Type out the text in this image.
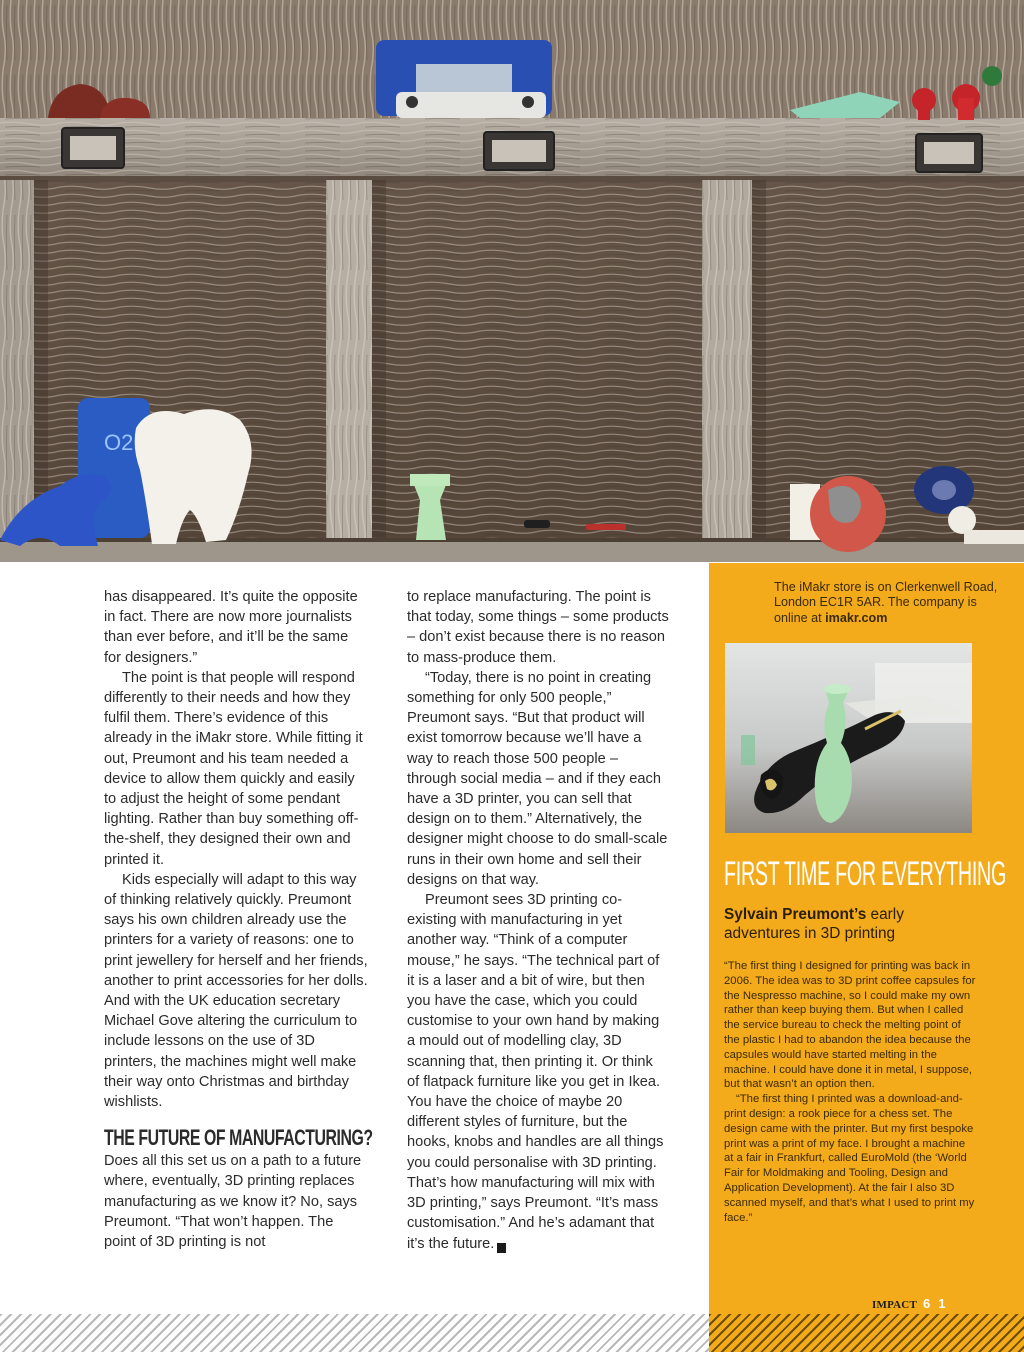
O2

has disappeared. It’s quite the opposite in fact. There are now more journalists than ever before, and it’ll be the same for designers.”

The point is that people will respond differently to their needs and how they fulfil them. There’s evidence of this already in the iMakr store. While fitting it out, Preumont and his team needed a device to allow them quickly and easily to adjust the height of some pendant lighting. Rather than buy something off-the-shelf, they designed their own and printed it.

Kids especially will adapt to this way of thinking relatively quickly. Preumont says his own children already use the printers for a variety of reasons: one to print jewellery for herself and her friends, another to print accessories for her dolls. And with the UK education secretary Michael Gove altering the curriculum to include lessons on the use of 3D printers, the machines might well make their way onto Christmas and birthday wishlists.

THE FUTURE OF MANUFACTURING?

Does all this set us on a path to a future where, eventually, 3D printing replaces manufacturing as we know it? No, says Preumont. “That won’t happen. The point of 3D printing is not

to replace manufacturing. The point is that today, some things – some products – don’t exist because there is no reason to mass-produce them.

“Today, there is no point in creating something for only 500 people,” Preumont says. “But that product will exist tomorrow because we’ll have a way to reach those 500 people – through social media – and if they each have a 3D printer, you can sell that design on to them.” Alternatively, the designer might choose to do small-scale runs in their own home and sell their designs on that way.

Preumont sees 3D printing co-existing with manufacturing in yet another way. “Think of a computer mouse,” he says. “The technical part of it is a laser and a bit of wire, but then you have the case, which you could customise to your own hand by making a mould out of modelling clay, 3D scanning that, then printing it. Or think of flatpack furniture like you get in Ikea. You have the choice of maybe 20 different styles of furniture, but the hooks, knobs and handles are all things you could personalise with 3D printing. That’s how manufacturing will mix with 3D printing,” says Preumont. “It’s mass customisation.” And he’s adamant that it’s the future.	I

The iMakr store is on Clerkenwell Road, London EC1R 5AR. The company is online at imakr.com
FIRST TIME FOR EVERYTHING
Sylvain Preumont’s early adventures in 3D printing

“The first thing I designed for printing was back in 2006. The idea was to 3D print coffee capsules for the Nespresso machine, so I could make my own rather than keep buying them. But when I called the service bureau to check the melting point of the plastic I had to abandon the idea because the capsules would have started melting in the machine. I could have done it in metal, I suppose, but that wasn’t an option then.

“The first thing I printed was a download-and-print design: a rook piece for a chess set. The design came with the printer. But my first bespoke print was a print of my face. I brought a machine at a fair in Frankfurt, called EuroMold (the ‘World Fair for Moldmaking and Tooling, Design and Application Development). At the fair I also 3D scanned myself, and that’s what I used to print my face.”

IMPACT 61
